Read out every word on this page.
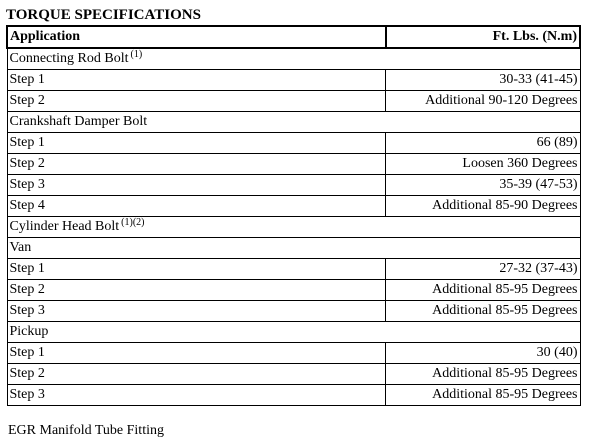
TORQUE SPECIFICATIONS
Application	Ft. Lbs. (N.m)
Connecting Rod Bolt $^{(1)}$
Step 1	30-33 (41-45)
Step 2	Additional 90-120 Degrees
Crankshaft Damper Bolt	
Step 1	66 (89)
Step 2	Loosen 360 Degrees
Step 3	35-39 (47-53)
Step 4	Additional 85-90 Degrees
Cylinder Head Bolt $^{(1)(2)}$
Van	
Step 1	27-32 (37-43)
Step 2	Additional 85-95 Degrees
Step 3	Additional 85-95 Degrees
Pickup	
Step 1	30 (40)
Step 2	Additional 85-95 Degrees
Step 3	Additional 85-95 Degrees
EGR Manifold Tube Fitting
